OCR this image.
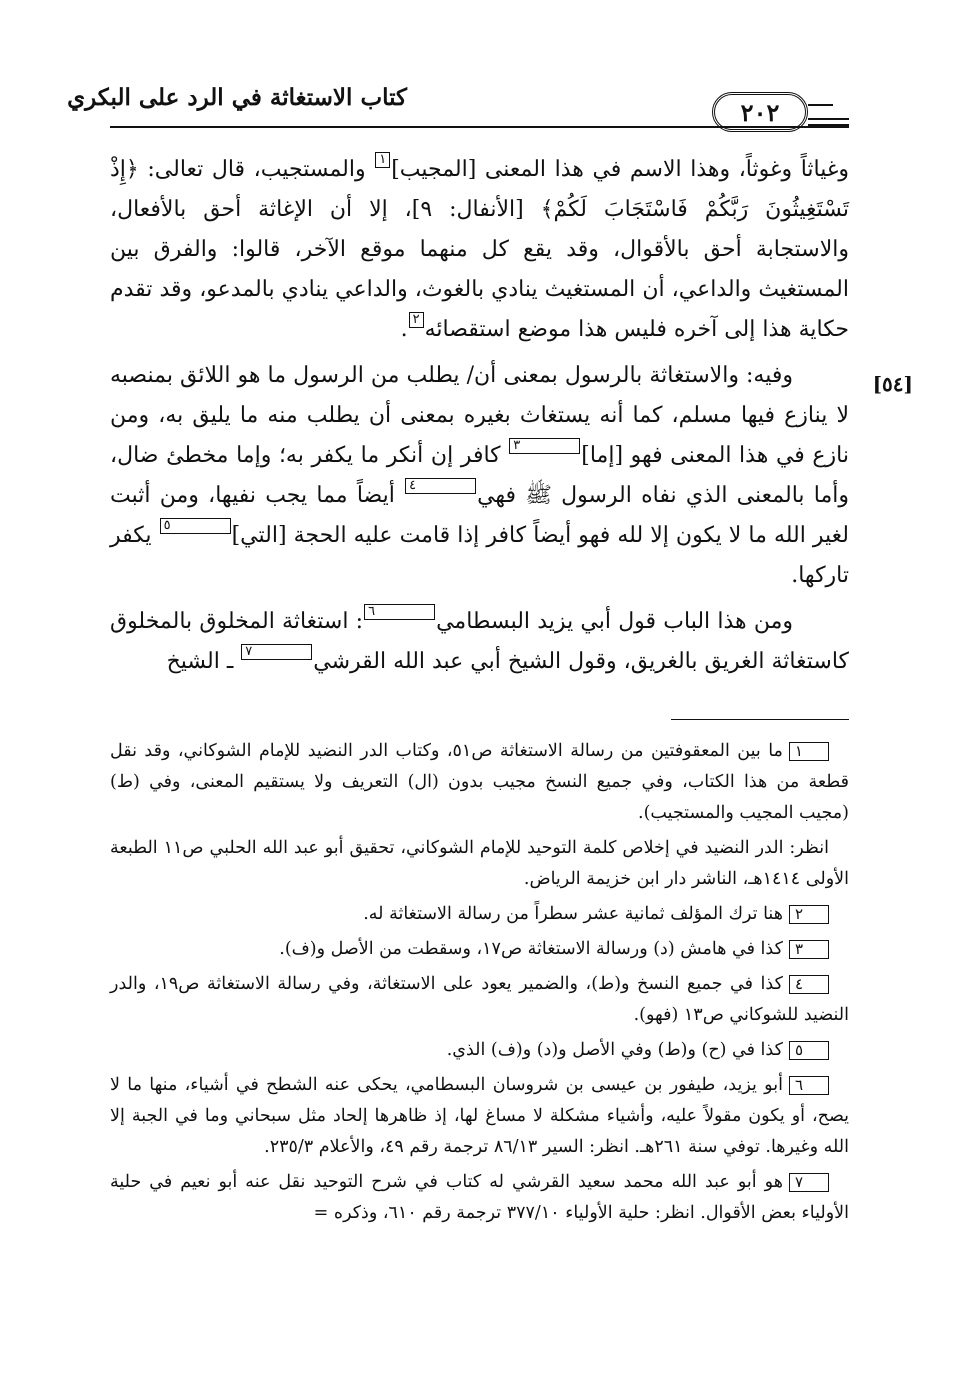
كتاب الاستغاثة في الرد على البكري	٢٠٢
[٥٤]

وغياثاً وغوثاً، وهذا الاسم في هذا المعنى [المجيب]١ والمستجيب، قال تعالى: ﴿إِذْ تَسْتَغِيثُونَ رَبَّكُمْ فَاسْتَجَابَ لَكُمْ﴾ [الأنفال: ٩]، إلا أن الإغاثة أحق بالأفعال، والاستجابة أحق بالأقوال، وقد يقع كل منهما موقع الآخر، قالوا: والفرق بين المستغيث والداعي، أن المستغيث ينادي بالغوث، والداعي ينادي بالمدعو، وقد تقدم حكاية هذا إلى آخره فليس هذا موضع استقصائه٢.

وفيه: والاستغاثة بالرسول بمعنى أن/ يطلب من الرسول ما هو اللائق بمنصبه لا ينازع فيها مسلم، كما أنه يستغاث بغيره بمعنى أن يطلب منه ما يليق به، ومن نازع في هذا المعنى فهو [إما]٣ كافر إن أنكر ما يكفر به؛ وإما مخطئ ضال، وأما بالمعنى الذي نفاه الرسول ﷺ فهي٤ أيضاً مما يجب نفيها، ومن أثبت لغير الله ما لا يكون إلا لله فهو أيضاً كافر إذا قامت عليه الحجة [التي]٥ يكفر تاركها.

ومن هذا الباب قول أبي يزيد البسطامي٦: استغاثة المخلوق بالمخلوق كاستغاثة الغريق بالغريق، وقول الشيخ أبي عبد الله القرشي٧ ـ الشيخ

١ما بين المعقوفتين من رسالة الاستغاثة ص٥١، وكتاب الدر النضيد للإمام الشوكاني، وقد نقل قطعة من هذا الكتاب، وفي جميع النسخ مجيب بدون (ال) التعريف ولا يستقيم المعنى، وفي (ط) (مجيب المجيب والمستجيب).

انظر: الدر النضيد في إخلاص كلمة التوحيد للإمام الشوكاني، تحقيق أبو عبد الله الحلبي ص١١ الطبعة الأولى ١٤١٤هـ، الناشر دار ابن خزيمة الرياض.

٢هنا ترك المؤلف ثمانية عشر سطراً من رسالة الاستغاثة له.

٣كذا في هامش (د) ورسالة الاستغاثة ص١٧، وسقطت من الأصل و(ف).

٤كذا في جميع النسخ و(ط)، والضمير يعود على الاستغاثة، وفي رسالة الاستغاثة ص١٩، والدر النضيد للشوكاني ص١٣ (فهو).

٥كذا في (ح) و(ط) وفي الأصل و(د) و(ف) الذي.

٦أبو يزيد، طيفور بن عيسى بن شروسان البسطامي، يحكى عنه الشطح في أشياء، منها ما لا يصح، أو يكون مقولاً عليه، وأشياء مشكلة لا مساغ لها، إذ ظاهرها إلحاد مثل سبحاني وما في الجبة إلا الله وغيرها. توفي سنة ٢٦١هـ. انظر: السير ٨٦/١٣ ترجمة رقم ٤٩، والأعلام ٢٣٥/٣.

٧هو أبو عبد الله محمد سعيد القرشي له كتاب في شرح التوحيد نقل عنه أبو نعيم في حلية الأولياء بعض الأقوال. انظر: حلية الأولياء ٣٧٧/١٠ ترجمة رقم ٦١٠، وذكره =
